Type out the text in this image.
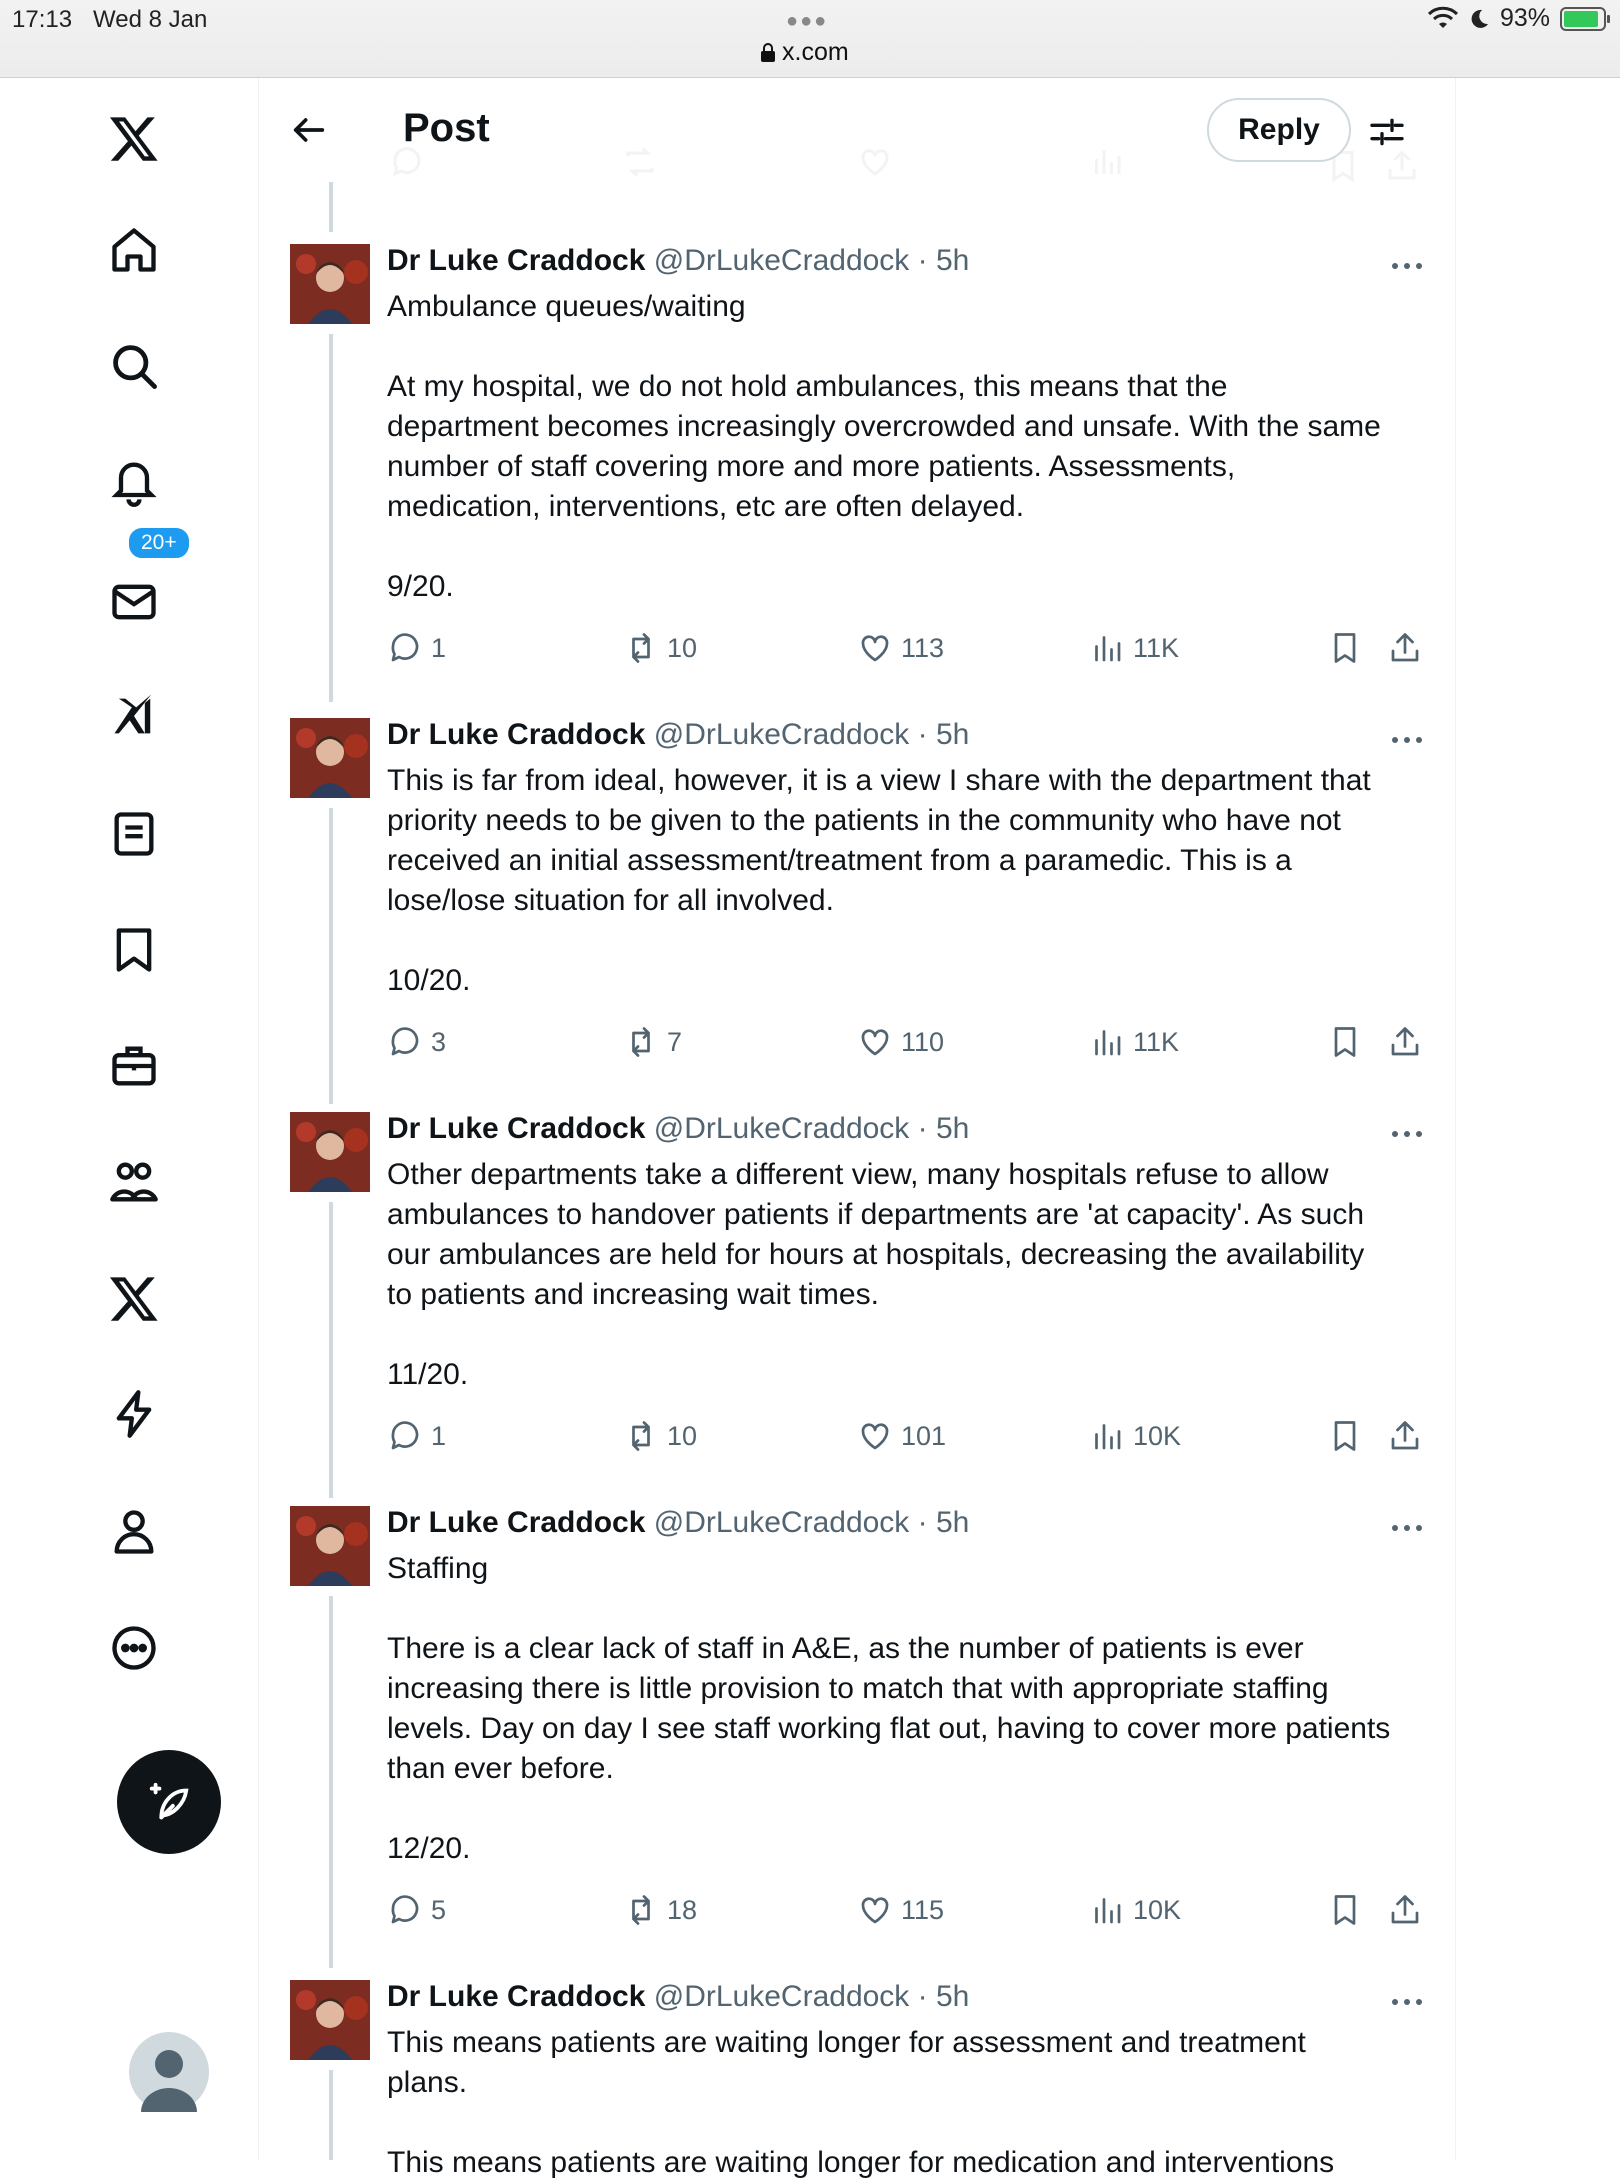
17:13 Wed 8 Jan	●●●
x.com
93%
20+
Post	Reply
Dr Luke Craddock @DrLukeCraddock · 5h

Ambulance queues/waiting

At my hospital, we do not hold ambulances, this means that the
department becomes increasingly overcrowded and unsafe. With the same
number of staff covering more and more patients. Assessments,
medication, interventions, etc are often delayed.

9/20.

1	10	113	11K
Dr Luke Craddock @DrLukeCraddock · 5h

This is far from ideal, however, it is a view I share with the department that
priority needs to be given to the patients in the community who have not
received an initial assessment/treatment from a paramedic. This is a
lose/lose situation for all involved.

10/20.

3	7	110	11K
Dr Luke Craddock @DrLukeCraddock · 5h

Other departments take a different view, many hospitals refuse to allow
ambulances to handover patients if departments are 'at capacity'. As such
our ambulances are held for hours at hospitals, decreasing the availability
to patients and increasing wait times.

11/20.

1	10	101	10K
Dr Luke Craddock @DrLukeCraddock · 5h

Staffing

There is a clear lack of staff in A&E, as the number of patients is ever
increasing there is little provision to match that with appropriate staffing
levels. Day on day I see staff working flat out, having to cover more patients
than ever before.

12/20.

5	18	115	10K
Dr Luke Craddock @DrLukeCraddock · 5h

This means patients are waiting longer for assessment and treatment
plans.

This means patients are waiting longer for medication and interventions
